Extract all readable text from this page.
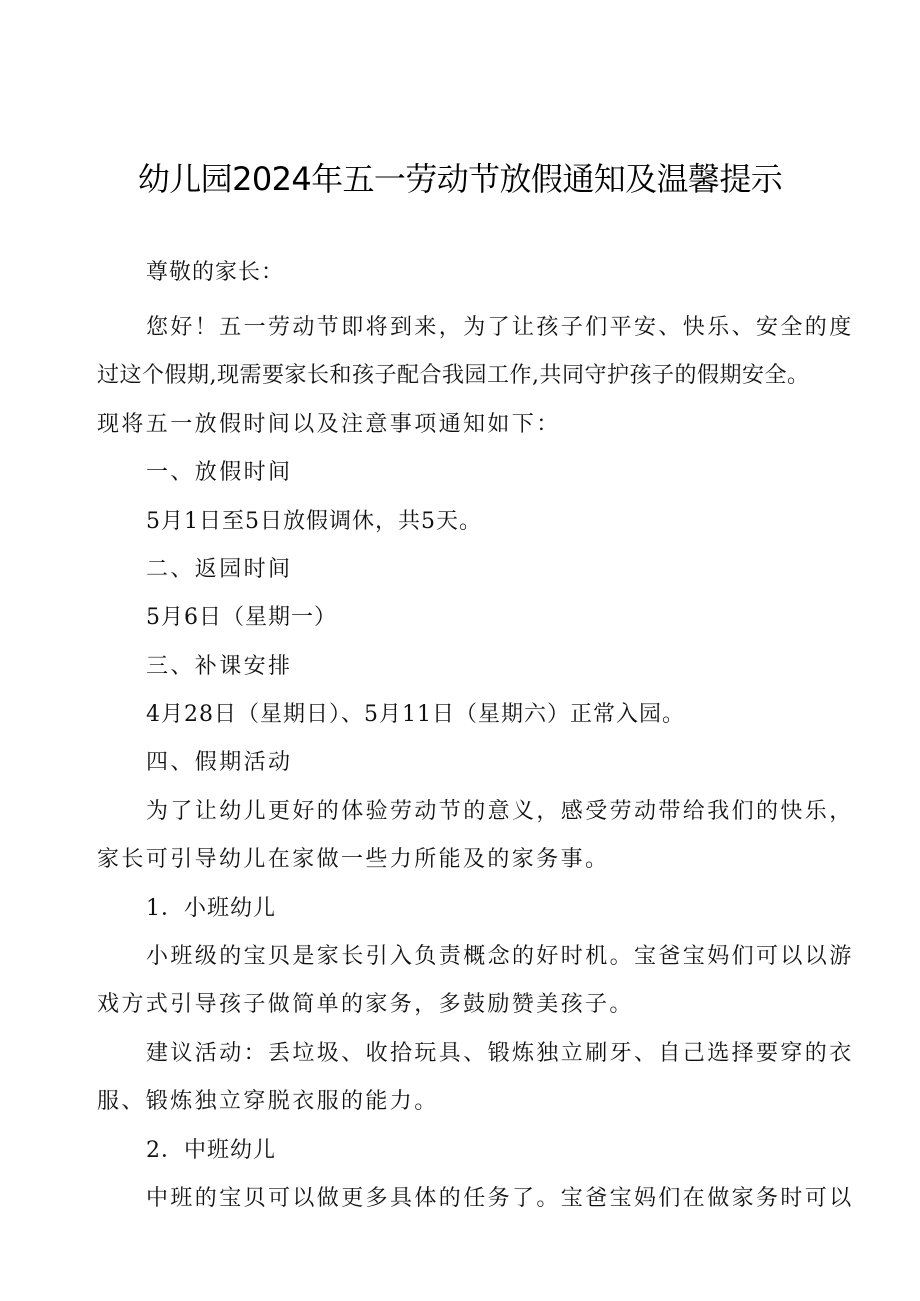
幼儿园2024年五一劳动节放假通知及温馨提示
尊敬的家长：
您好！五一劳动节即将到来，为了让孩子们平安、快乐、安全的度
过这个假期,现需要家长和孩子配合我园工作,共同守护孩子的假期安全。
现将五一放假时间以及注意事项通知如下：
一、放假时间
5月1日至5日放假调休，共5天。
二、返园时间
5月6日（星期一）
三、补课安排
4月28日（星期日）、5月11日（星期六）正常入园。
四、假期活动
为了让幼儿更好的体验劳动节的意义，感受劳动带给我们的快乐，
家长可引导幼儿在家做一些力所能及的家务事。
1．小班幼儿
小班级的宝贝是家长引入负责概念的好时机。宝爸宝妈们可以以游
戏方式引导孩子做简单的家务，多鼓励赞美孩子。
建议活动：丢垃圾、收拾玩具、锻炼独立刷牙、自己选择要穿的衣
服、锻炼独立穿脱衣服的能力。
2．中班幼儿
中班的宝贝可以做更多具体的任务了。宝爸宝妈们在做家务时可以
